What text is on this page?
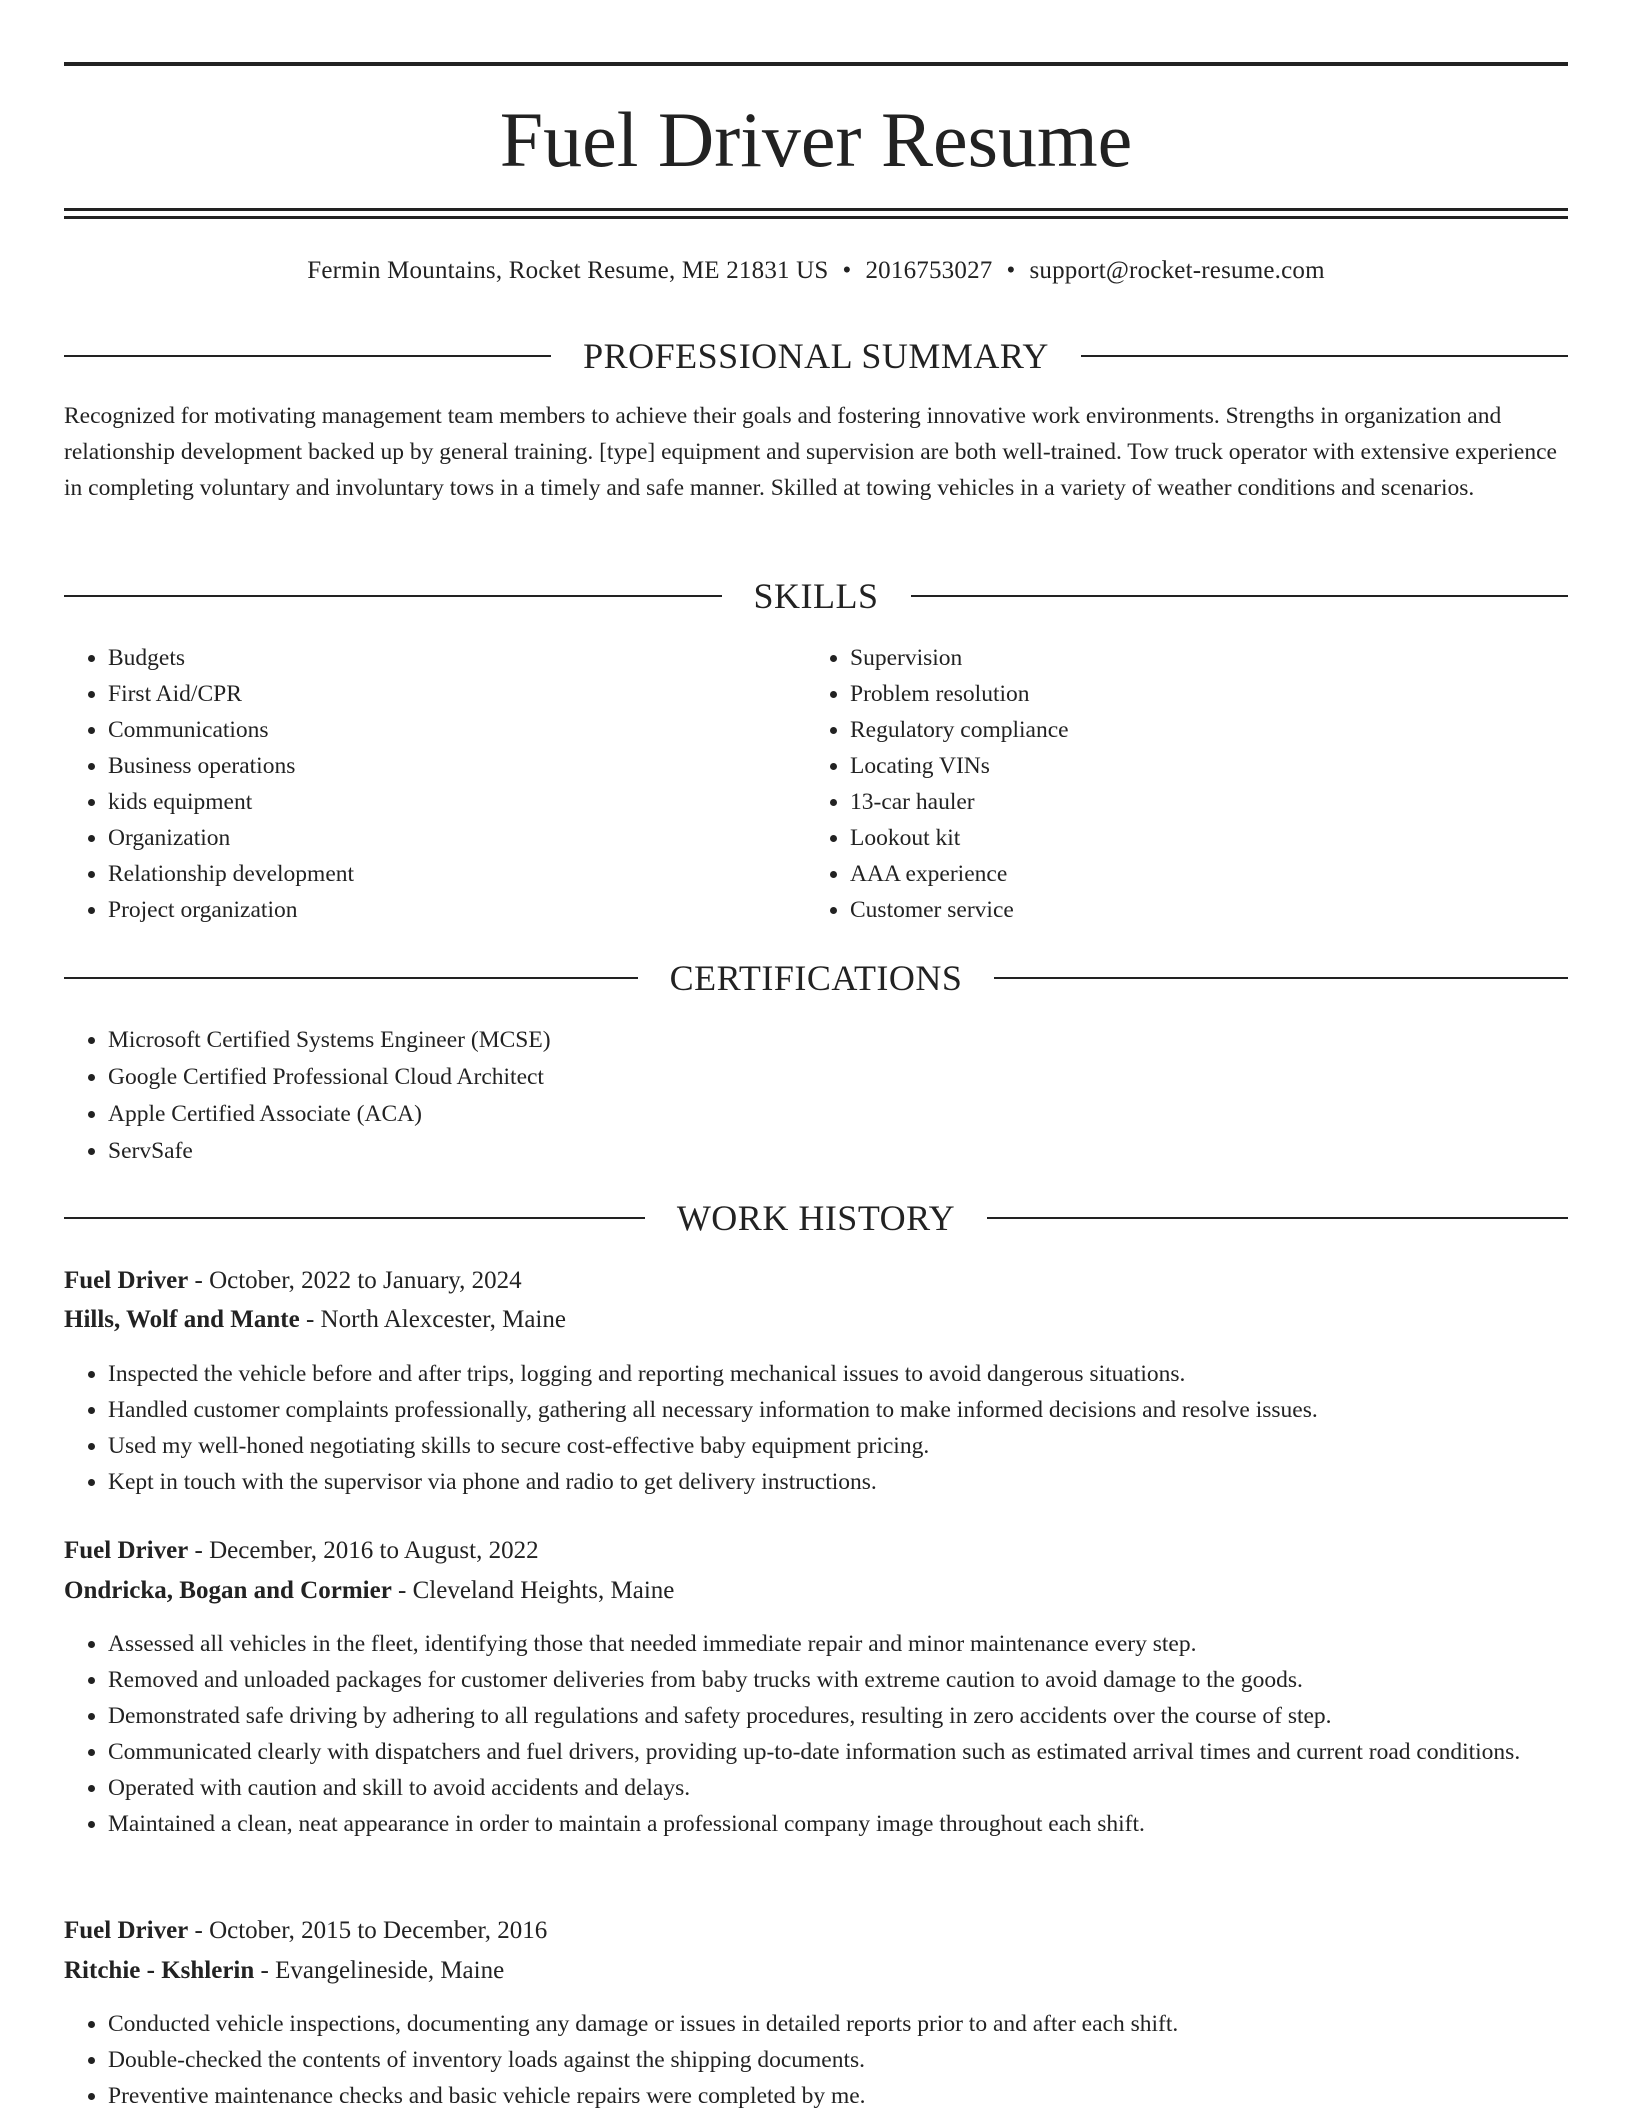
Fuel Driver Resume
Fermin Mountains, Rocket Resume, ME 21831 US • 2016753027 • support@rocket-resume.com
PROFESSIONAL SUMMARY

Recognized for motivating management team members to achieve their goals and fostering innovative work environments. Strengths in organization and relationship development backed up by general training. [type] equipment and supervision are both well-trained. Tow truck operator with extensive experience in completing voluntary and involuntary tows in a timely and safe manner. Skilled at towing vehicles in a variety of weather conditions and scenarios.

SKILLS
• Budgets
• First Aid/CPR
• Communications
• Business operations
• kids equipment
• Organization
• Relationship development
• Project organization
• Supervision
• Problem resolution
• Regulatory compliance
• Locating VINs
• 13-car hauler
• Lookout kit
• AAA experience
• Customer service
CERTIFICATIONS
• Microsoft Certified Systems Engineer (MCSE)
• Google Certified Professional Cloud Architect
• Apple Certified Associate (ACA)
• ServSafe
WORK HISTORY
Fuel Driver - October, 2022 to January, 2024
Hills, Wolf and Mante - North Alexcester, Maine
• Inspected the vehicle before and after trips, logging and reporting mechanical issues to avoid dangerous situations.
• Handled customer complaints professionally, gathering all necessary information to make informed decisions and resolve issues.
• Used my well-honed negotiating skills to secure cost-effective baby equipment pricing.
• Kept in touch with the supervisor via phone and radio to get delivery instructions.
Fuel Driver - December, 2016 to August, 2022
Ondricka, Bogan and Cormier - Cleveland Heights, Maine
• Assessed all vehicles in the fleet, identifying those that needed immediate repair and minor maintenance every step.
• Removed and unloaded packages for customer deliveries from baby trucks with extreme caution to avoid damage to the goods.
• Demonstrated safe driving by adhering to all regulations and safety procedures, resulting in zero accidents over the course of step.
• Communicated clearly with dispatchers and fuel drivers, providing up-to-date information such as estimated arrival times and current road conditions.
• Operated with caution and skill to avoid accidents and delays.
• Maintained a clean, neat appearance in order to maintain a professional company image throughout each shift.
Fuel Driver - October, 2015 to December, 2016
Ritchie - Kshlerin - Evangelineside, Maine
• Conducted vehicle inspections, documenting any damage or issues in detailed reports prior to and after each shift.
• Double-checked the contents of inventory loads against the shipping documents.
• Preventive maintenance checks and basic vehicle repairs were completed by me.
